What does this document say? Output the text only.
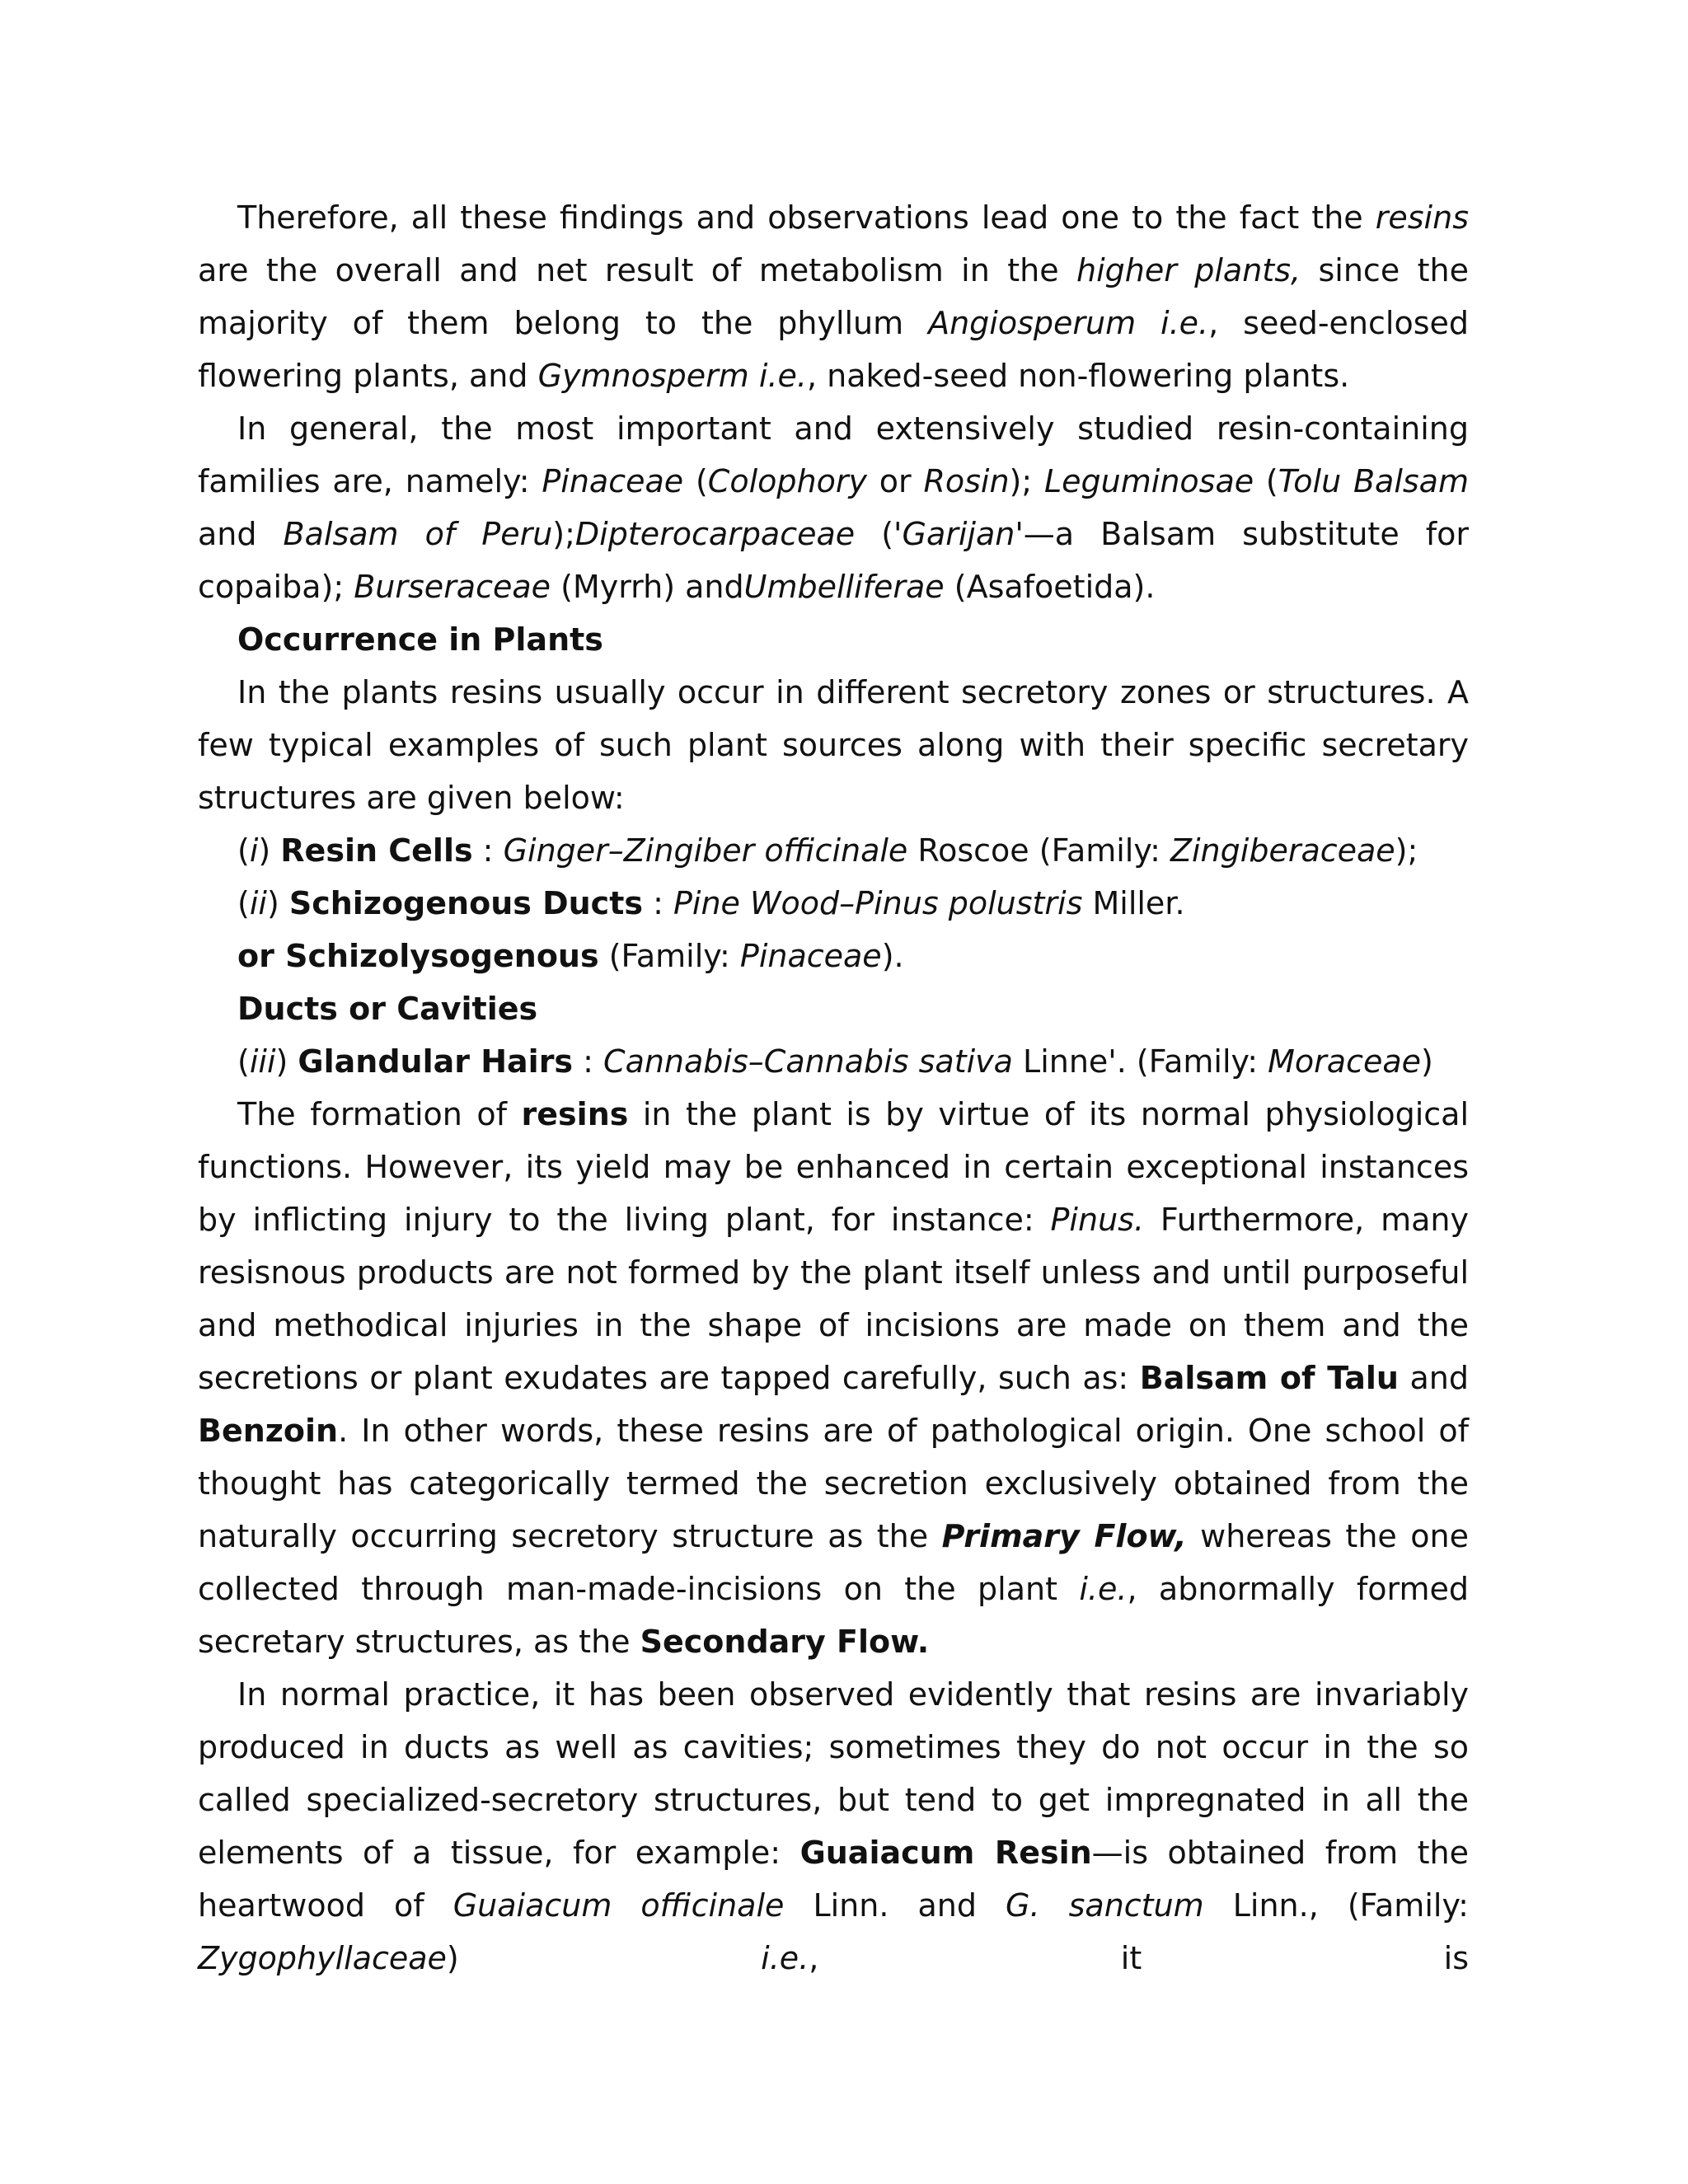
Therefore, all these findings and observations lead one to the fact the resins are the overall and net result of metabolism in the higher plants, since the majority of them belong to the phyllum Angiosperum i.e., seed-enclosed flowering plants, and Gymnosperm i.e., naked-seed non-flowering plants.

In general, the most important and extensively studied resin-containing families are, namely: Pinaceae (Colophory or Rosin); Leguminosae (Tolu Balsam and Balsam of Peru);Dipterocarpaceae ('Garijan'—a Balsam substitute for copaiba); Burseraceae (Myrrh) andUmbelliferae (Asafoetida).

Occurrence in Plants

In the plants resins usually occur in different secretory zones or structures. A few typical examples of such plant sources along with their specific secretary structures are given below:

(i) Resin Cells : Ginger–Zingiber officinale Roscoe (Family: Zingiberaceae);

(ii) Schizogenous Ducts : Pine Wood–Pinus polustris Miller.

or Schizolysogenous (Family: Pinaceae).

Ducts or Cavities

(iii) Glandular Hairs : Cannabis–Cannabis sativa Linne'. (Family: Moraceae)

The formation of resins in the plant is by virtue of its normal physiological functions. However, its yield may be enhanced in certain exceptional instances by inflicting injury to the living plant, for instance: Pinus. Furthermore, many resisnous products are not formed by the plant itself unless and until purposeful and methodical injuries in the shape of incisions are made on them and the secretions or plant exudates are tapped carefully, such as: Balsam of Talu and Benzoin. In other words, these resins are of pathological origin. One school of thought has categorically termed the secretion exclusively obtained from the naturally occurring secretory structure as the Primary Flow, whereas the one collected through man-made-incisions on the plant i.e., abnormally formed secretary structures, as the Secondary Flow.

In normal practice, it has been observed evidently that resins are invariably produced in ducts as well as cavities; sometimes they do not occur in the so called specialized-secretory structures, but tend to get impregnated in all the elements of a tissue, for example: Guaiacum Resin—is obtained from the heartwood of Guaiacum officinale Linn. and G. sanctum Linn., (Family: Zygophyllaceae) i.e., it is
